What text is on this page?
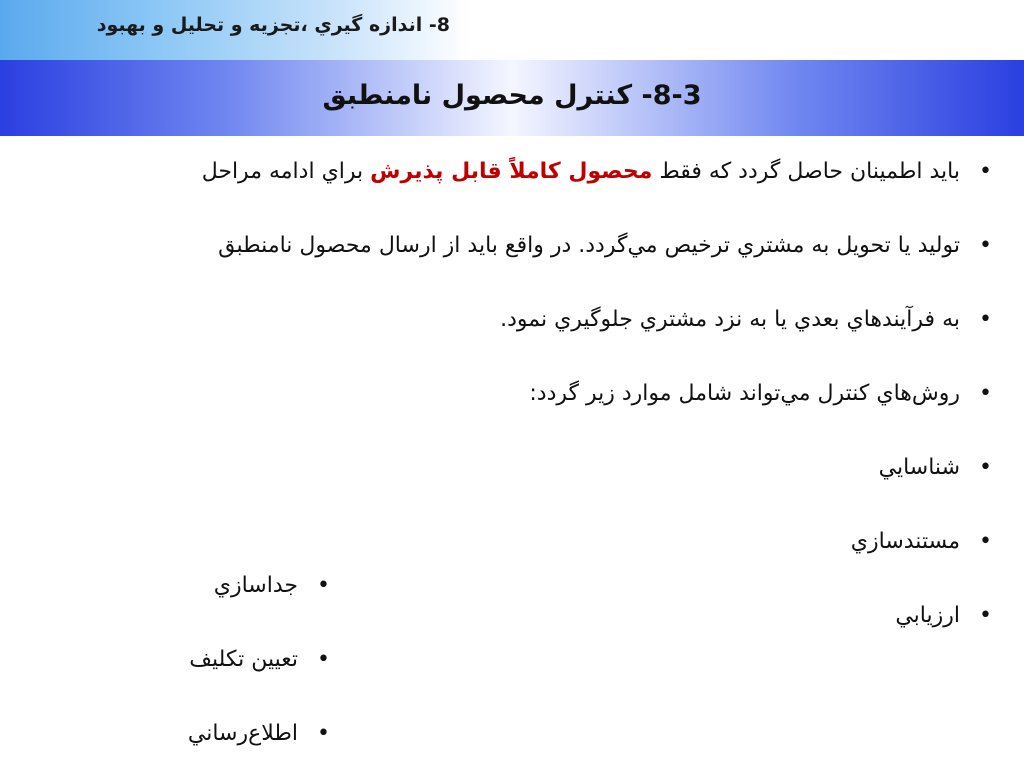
8- اندازه گيري ،تجزيه و تحليل و بهبود
8-3- كنترل محصول نامنطبق
•
بايد اطمينان حاصل گردد كه فقط محصول كاملاً قابل پذيرش براي ادامه مراحل
•
توليد يا تحويل به مشتري ترخيص مي‌گردد. در واقع بايد از ارسال محصول نامنطبق
•
به فرآيندهاي بعدي يا به نزد مشتري جلوگيري نمود.
•
روش‌هاي كنترل مي‌تواند شامل موارد زير گردد:
•
شناسايي
•
مستندسازي
•
ارزيابي
•
جداسازي
•
تعيين تكليف
•
اطلاع‌رساني
